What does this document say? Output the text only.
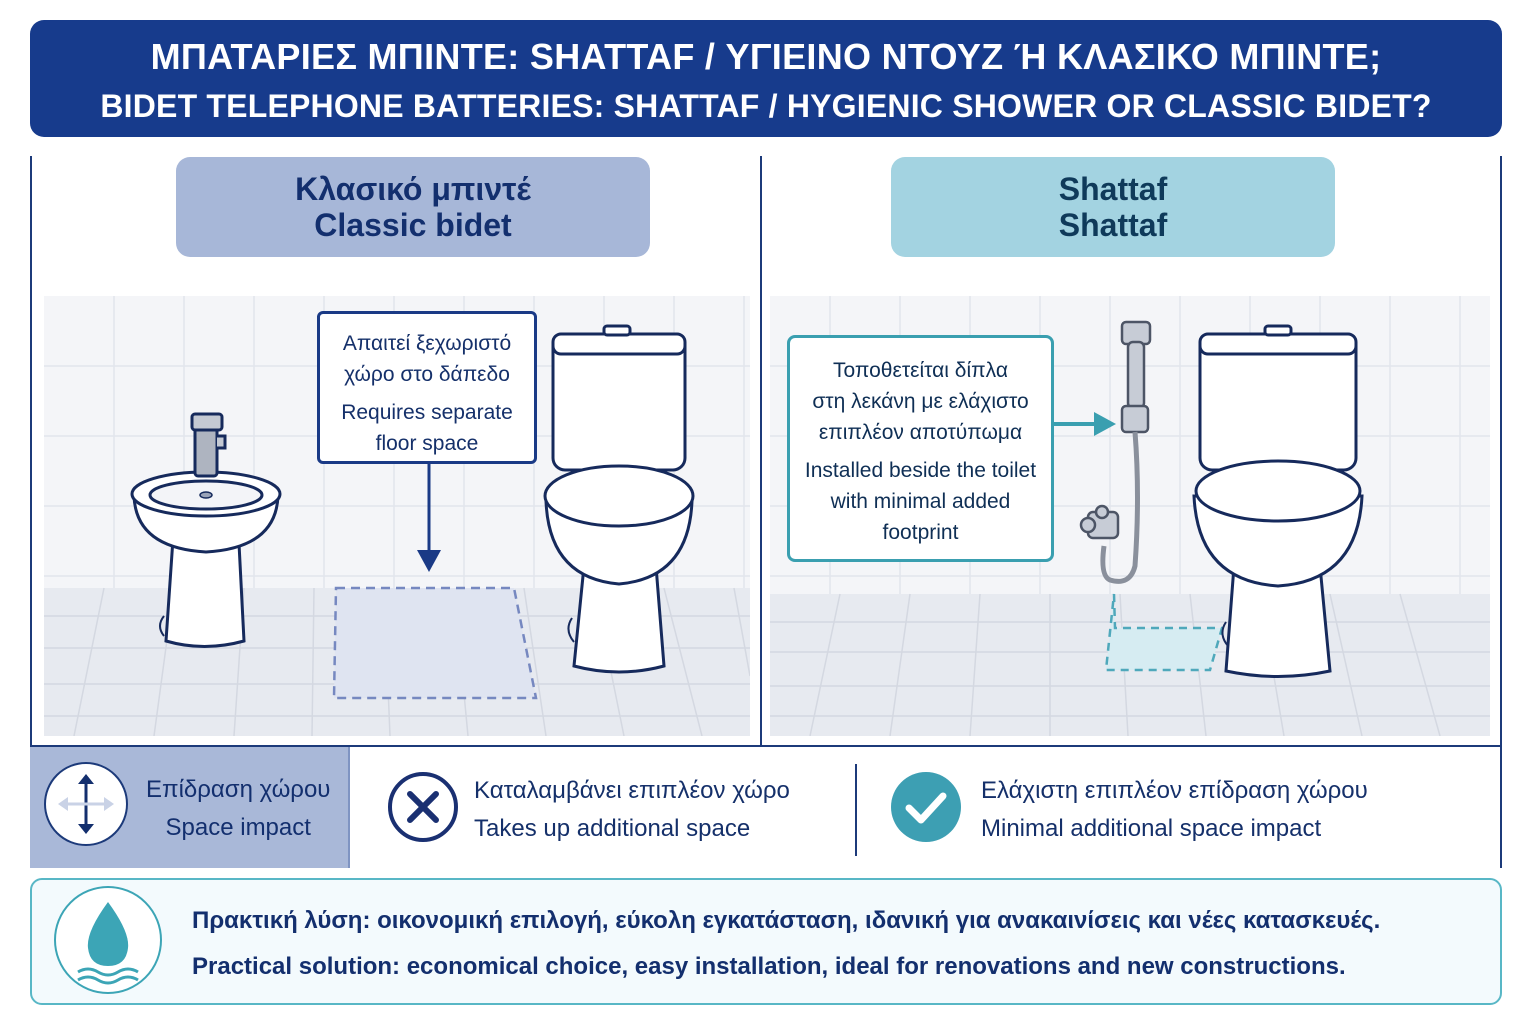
ΜΠΑΤΑΡΙΕΣ ΜΠΙΝΤΕ: SHATTAF / ΥΓΙΕΙΝΟ ΝΤΟΥΖ Ή ΚΛΑΣΙΚΟ ΜΠΙΝΤΕ;
BIDET TELEPHONE BATTERIES: SHATTAF / HYGIENIC SHOWER OR CLASSIC BIDET?
Κλασικό μπιντέ
Classic bidet
Shattaf
Shattaf
Απαιτεί ξεχωριστό
χώρο στο δάπεδο
Requires separate
floor space
Τοποθετείται δίπλα
στη λεκάνη με ελάχιστο
επιπλέον αποτύπωμα
Installed beside the toilet
with minimal added
footprint
Επίδραση χώρου
Space impact
Καταλαμβάνει επιπλέον χώρο
Takes up additional space
Ελάχιστη επιπλέον επίδραση χώρου
Minimal additional space impact
Πρακτική λύση: οικονομική επιλογή, εύκολη εγκατάσταση, ιδανική για ανακαινίσεις και νέες κατασκευές.
Practical solution: economical choice, easy installation, ideal for renovations and new constructions.
